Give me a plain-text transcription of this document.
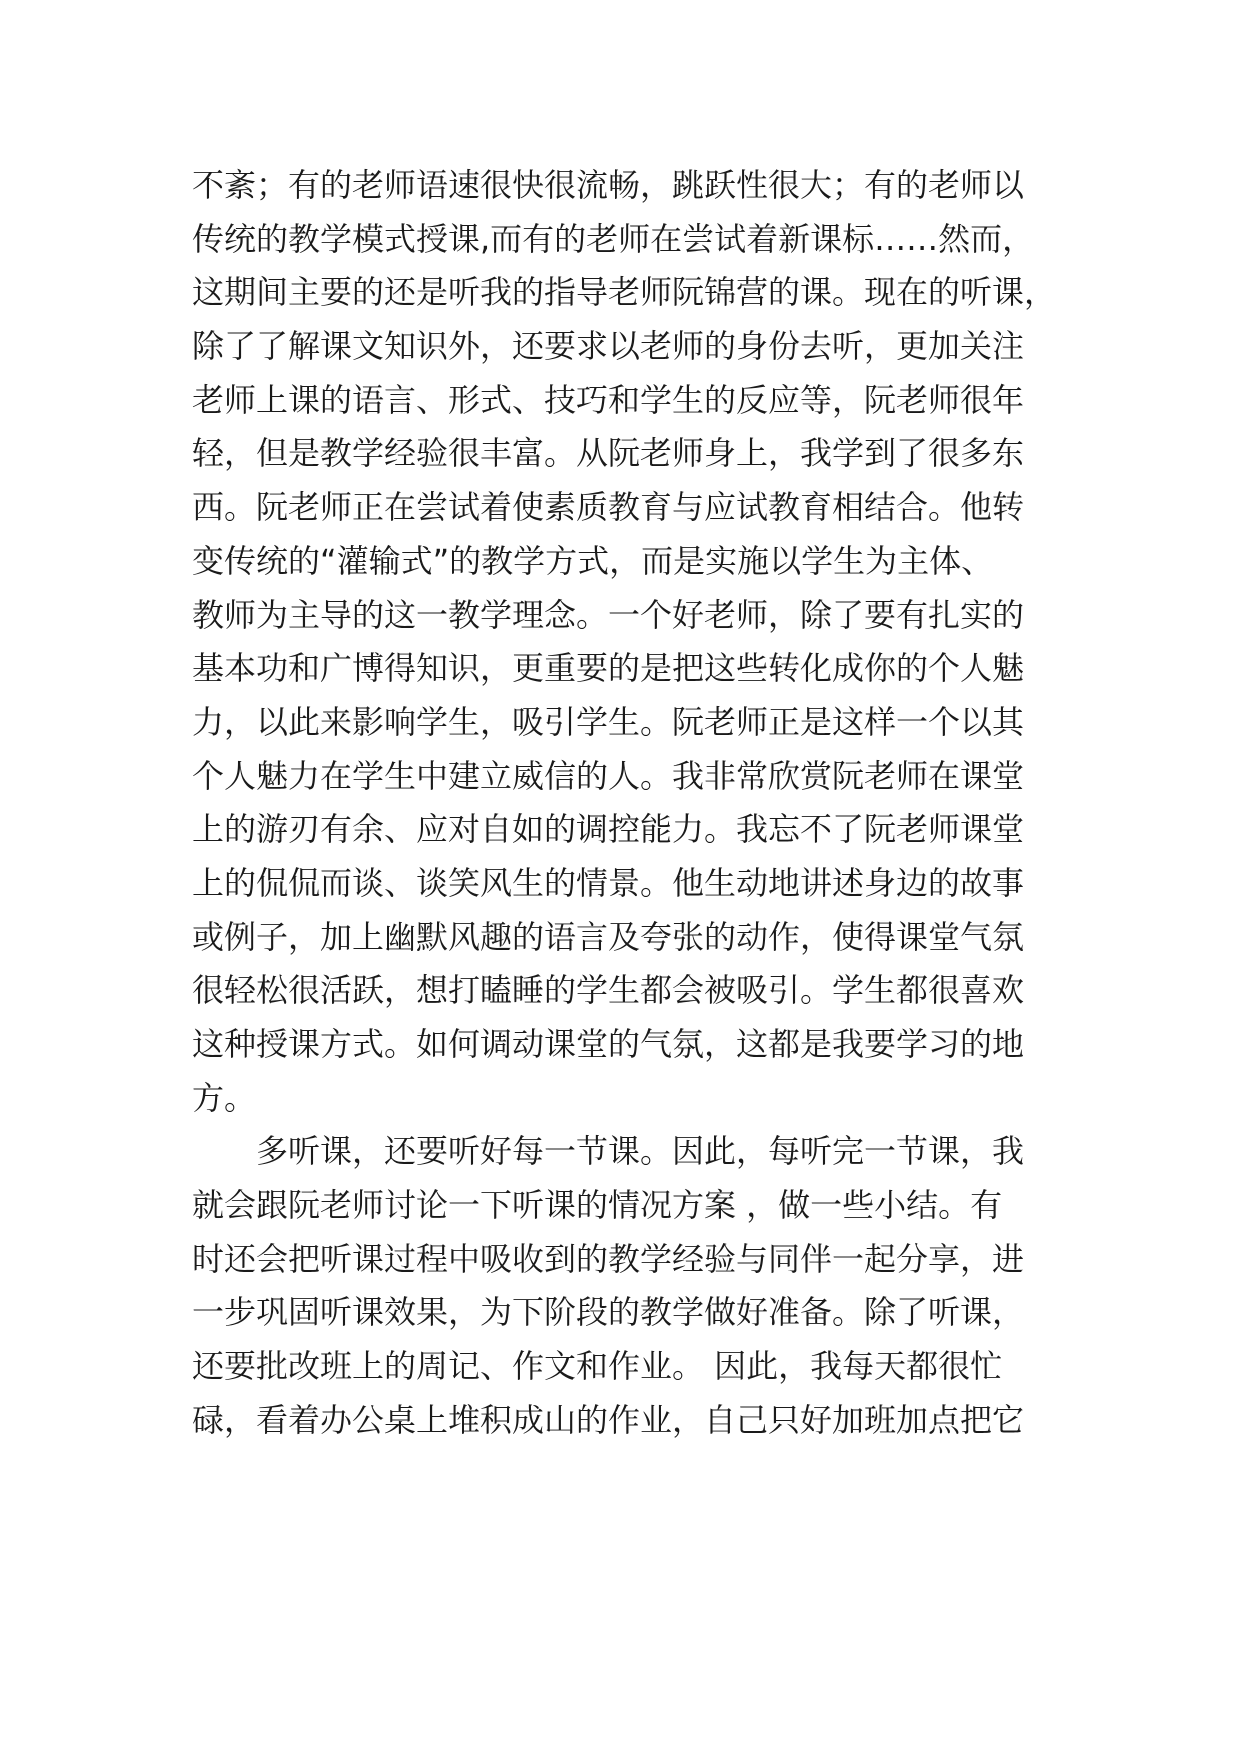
不紊；有的老师语速很快很流畅，跳跃性很大；有的老师以
传统的教学模式授课,而有的老师在尝试着新课标……然而，
这期间主要的还是听我的指导老师阮锦营的课。现在的听课，
除了了解课文知识外，还要求以老师的身份去听，更加关注
老师上课的语言、形式、技巧和学生的反应等，阮老师很年
轻，但是教学经验很丰富。从阮老师身上，我学到了很多东
西。阮老师正在尝试着使素质教育与应试教育相结合。他转
变传统的“灌输式”的教学方式，而是实施以学生为主体、
教师为主导的这一教学理念。一个好老师，除了要有扎实的
基本功和广博得知识，更重要的是把这些转化成你的个人魅
力，以此来影响学生，吸引学生。阮老师正是这样一个以其
个人魅力在学生中建立威信的人。我非常欣赏阮老师在课堂
上的游刃有余、应对自如的调控能力。我忘不了阮老师课堂
上的侃侃而谈、谈笑风生的情景。他生动地讲述身边的故事
或例子，加上幽默风趣的语言及夸张的动作，使得课堂气氛
很轻松很活跃，想打瞌睡的学生都会被吸引。学生都很喜欢
这种授课方式。如何调动课堂的气氛，这都是我要学习的地
方。
多听课，还要听好每一节课。因此，每听完一节课，我
就会跟阮老师讨论一下听课的情况方案 ，做一些小结。有
时还会把听课过程中吸收到的教学经验与同伴一起分享，进
一步巩固听课效果，为下阶段的教学做好准备。除了听课，
还要批改班上的周记、作文和作业。 因此，我每天都很忙
碌，看着办公桌上堆积成山的作业，自己只好加班加点把它
